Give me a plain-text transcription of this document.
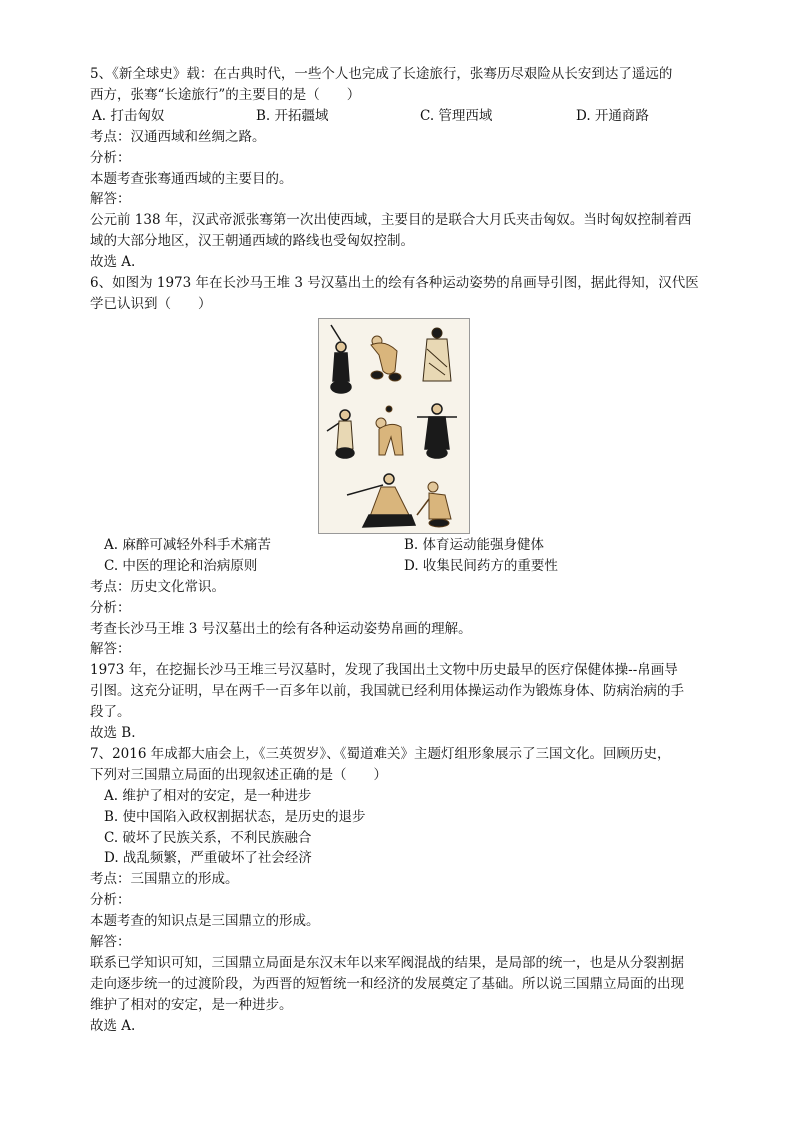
5、《新全球史》载：在古典时代，一些个人也完成了长途旅行，张骞历尽艰险从长安到达了遥远的
西方，张骞“长途旅行”的主要目的是（　　）
A. 打击匈奴	B. 开拓疆域	C. 管理西域	D. 开通商路
考点：汉通西域和丝绸之路。
分析：
本题考查张骞通西域的主要目的。
解答：
公元前 138 年，汉武帝派张骞第一次出使西域，主要目的是联合大月氏夹击匈奴。当时匈奴控制着西
域的大部分地区，汉王朝通西域的路线也受匈奴控制。
故选 A.
6、如图为 1973 年在长沙马王堆 3 号汉墓出土的绘有各种运动姿势的帛画导引图，据此得知，汉代医
学已认识到（　　）
A. 麻醉可减轻外科手术痛苦	B. 体育运动能强身健体
C. 中医的理论和治病原则	D. 收集民间药方的重要性
考点：历史文化常识。
分析：
考查长沙马王堆 3 号汉墓出土的绘有各种运动姿势帛画的理解。
解答：
1973 年，在挖掘长沙马王堆三号汉墓时，发现了我国出土文物中历史最早的医疗保健体操--帛画导
引图。这充分证明，早在两千一百多年以前，我国就已经利用体操运动作为锻炼身体、防病治病的手
段了。
故选 B.
7、2016 年成都大庙会上，《三英贺岁》、《蜀道难关》主题灯组形象展示了三国文化。回顾历史，
下列对三国鼎立局面的出现叙述正确的是（　　）
A. 维护了相对的安定，是一种进步
B. 使中国陷入政权割据状态，是历史的退步
C. 破坏了民族关系，不利民族融合
D. 战乱频繁，严重破坏了社会经济
考点：三国鼎立的形成。
分析：
本题考查的知识点是三国鼎立的形成。
解答：
联系已学知识可知，三国鼎立局面是东汉末年以来军阀混战的结果，是局部的统一，也是从分裂割据
走向逐步统一的过渡阶段，为西晋的短暂统一和经济的发展奠定了基础。所以说三国鼎立局面的出现
维护了相对的安定，是一种进步。
故选 A.
